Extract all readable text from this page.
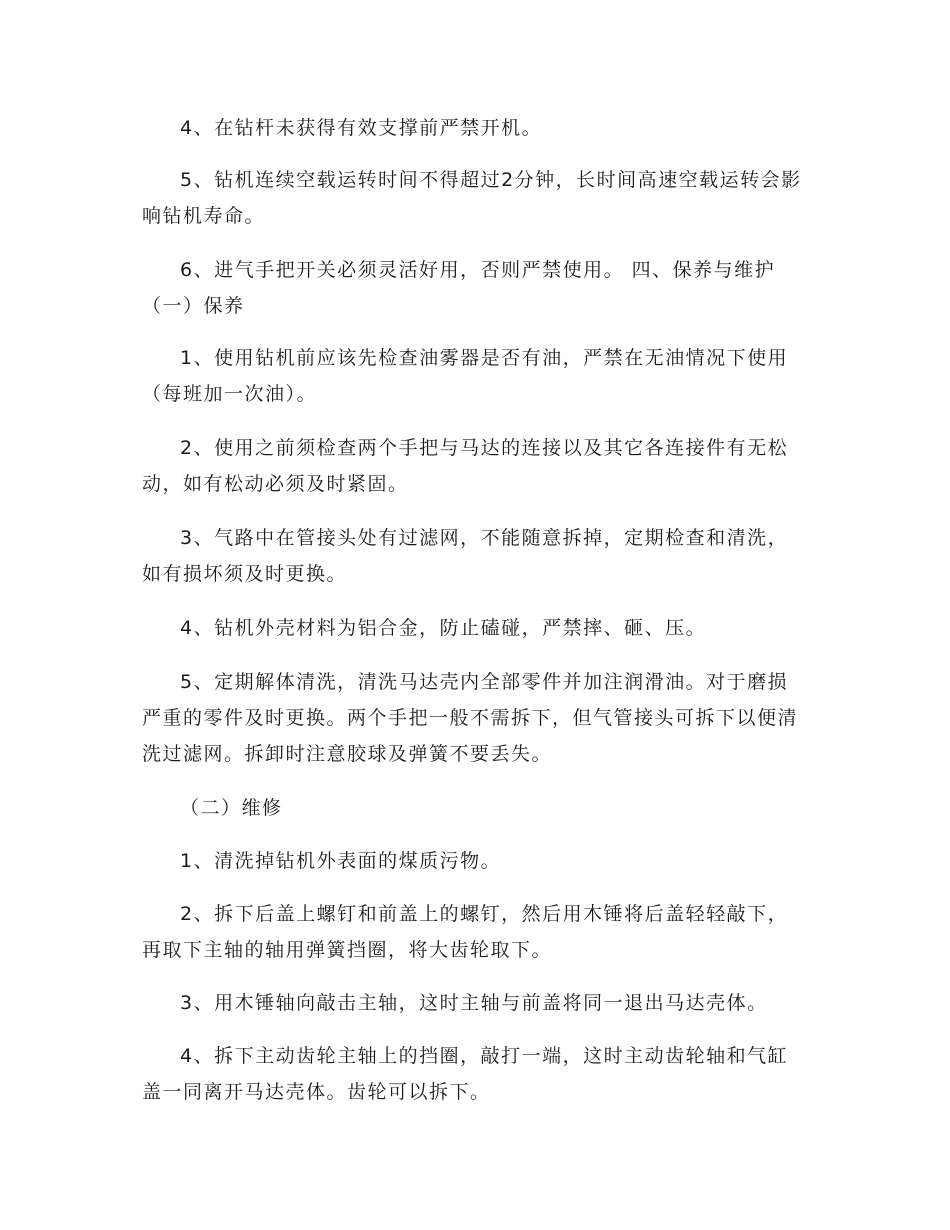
4、在钻杆未获得有效支撑前严禁开机。

5、钻机连续空载运转时间不得超过2分钟，长时间高速空载运转会影响钻机寿命。

6、进气手把开关必须灵活好用，否则严禁使用。 四、保养与维护 （一）保养

1、使用钻机前应该先检查油雾器是否有油，严禁在无油情况下使用（每班加一次油）。

2、使用之前须检查两个手把与马达的连接以及其它各连接件有无松动，如有松动必须及时紧固。

3、气路中在管接头处有过滤网，不能随意拆掉，定期检查和清洗，如有损坏须及时更换。

4、钻机外壳材料为铝合金，防止磕碰，严禁摔、砸、压。

5、定期解体清洗，清洗马达壳内全部零件并加注润滑油。对于磨损严重的零件及时更换。两个手把一般不需拆下，但气管接头可拆下以便清洗过滤网。拆卸时注意胶球及弹簧不要丢失。

（二）维修

1、清洗掉钻机外表面的煤质污物。

2、拆下后盖上螺钉和前盖上的螺钉，然后用木锤将后盖轻轻敲下，再取下主轴的轴用弹簧挡圈，将大齿轮取下。

3、用木锤轴向敲击主轴，这时主轴与前盖将同一退出马达壳体。

4、拆下主动齿轮主轴上的挡圈，敲打一端，这时主动齿轮轴和气缸盖一同离开马达壳体。齿轮可以拆下。
